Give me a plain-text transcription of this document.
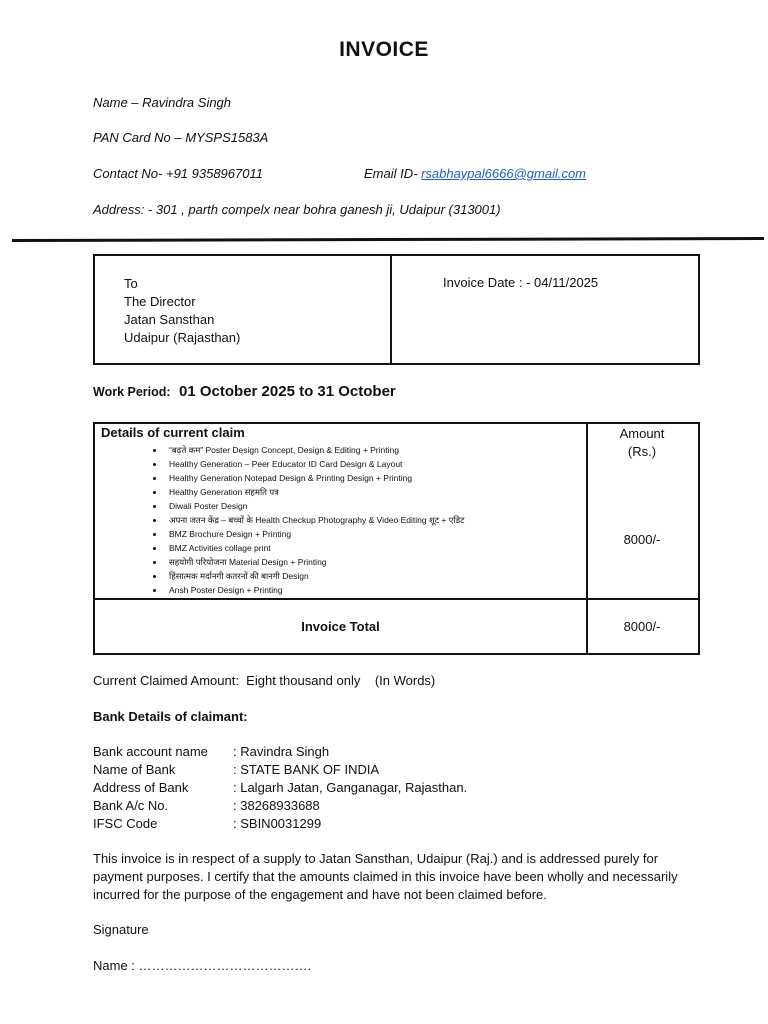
INVOICE
Name – Ravindra Singh
PAN Card No – MYSPS1583A
Contact No- +91 9358967011	Email ID- rsabhaypal6666@gmail.com
Address: - 301 , parth compelx near bohra ganesh ji, Udaipur (313001)
To
The Director
Jatan Sansthan
Udaipur (Rajasthan)
Invoice Date : - 04/11/2025
Work Period: 01 October 2025 to 31 October
Details of current claim	Amount
(Rs.)
• “बढ़ते कम” Poster Design Concept, Design & Editing + Printing
• Healthy Generation – Peer Educator ID Card Design & Layout
• Healthy Generation Notepad Design & Printing Design + Printing
• Healthy Generation सहमति पत्र
• Diwali Poster Design
• अपना जतन केंद्र – बच्चों के Health Checkup Photography & Video Editing शूट + एडिट
• BMZ Brochure Design + Printing
• BMZ Activities collage print
• सहयोगी परियोजना Material Design + Printing
• हिंसात्मक मर्दानगी कतरनों की बानगी Design
• Ansh Poster Design + Printing
8000/-
Invoice Total	8000/-
Current Claimed Amount:  Eight thousand only    (In Words)
Bank Details of claimant:
Bank account name : Ravindra Singh
Name of Bank	: STATE BANK OF INDIA
Address of Bank	: Lalgarh Jatan, Ganganagar, Rajasthan.
Bank A/c No.	: 38268933688
IFSC Code	: SBIN0031299
This invoice is in respect of a supply to Jatan Sansthan, Udaipur (Raj.) and is addressed purely for payment purposes. I certify that the amounts claimed in this invoice have been wholly and necessarily incurred for the purpose of the engagement and have not been claimed before.
Signature
Name : ………………………………….
